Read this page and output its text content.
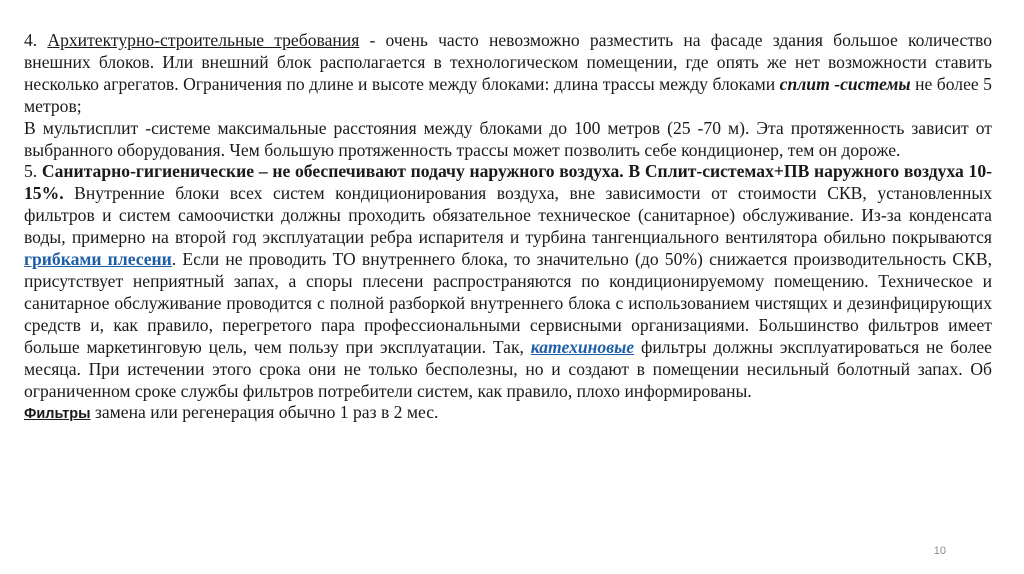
4. Архитектурно-строительные требования - очень часто невозможно разместить на фасаде здания большое количество внешних блоков. Или внешний блок располагается в технологическом помещении, где опять же нет возможности ставить несколько агрегатов. Ограничения по длине и высоте между блоками: длина трассы между блоками сплит -системы не более 5 метров;

В мультисплит -системе максимальные расстояния между блоками до 100 метров (25 -70 м). Эта протяженность зависит от выбранного оборудования. Чем большую протяженность трассы может позволить себе кондиционер, тем он дороже.

5. Санитарно-гигиенические – не обеспечивают подачу наружного воздуха. В Сплит-системах+ПВ наружного воздуха 10-15%. Внутренние блоки всех систем кондиционирования воздуха, вне зависимости от стоимости СКВ, установленных фильтров и систем самоочистки должны проходить обязательное техническое (санитарное) обслуживание. Из-за конденсата воды, примерно на второй год эксплуатации ребра испарителя и турбина тангенциального вентилятора обильно покрываются грибками плесени. Если не проводить ТО внутреннего блока, то значительно (до 50%) снижается производительность СКВ, присутствует неприятный запах, а споры плесени распространяются по кондиционируемому помещению. Техническое и санитарное обслуживание проводится с полной разборкой внутреннего блока с использованием чистящих и дезинфицирующих средств и, как правило, перегретого пара профессиональными сервисными организациями. Большинство фильтров имеет больше маркетинговую цель, чем пользу при эксплуатации. Так, катехиновые фильтры должны эксплуатироваться не более месяца. При истечении этого срока они не только бесполезны, но и создают в помещении несильный болотный запах. Об ограниченном сроке службы фильтров потребители систем, как правило, плохо информированы.

Фильтры замена или регенерация обычно 1 раз в 2 мес.

10
